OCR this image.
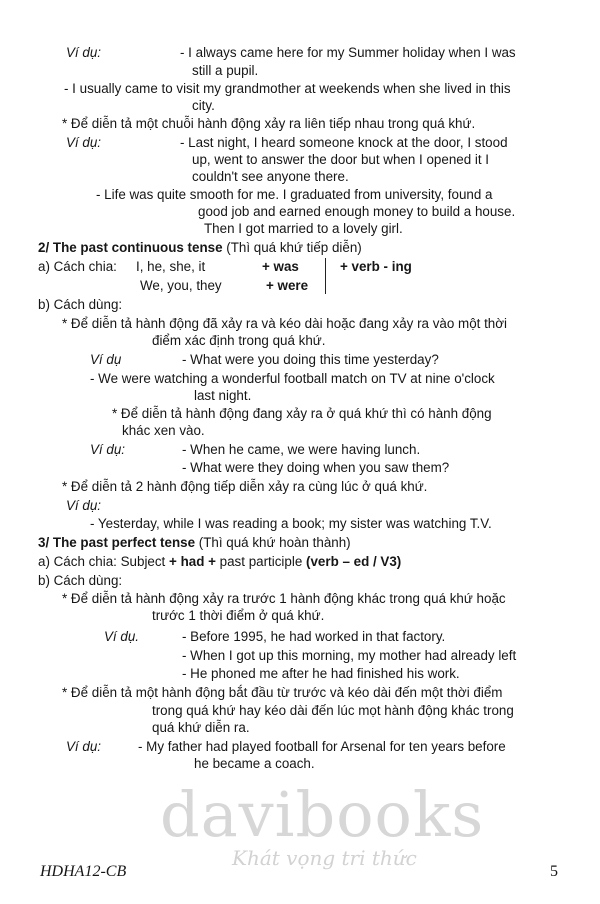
Ví dụ:	- I always came here for my Summer holiday when I was
still a pupil.
- I usually came to visit my grandmother at weekends when she lived in this
city.
* Để diễn tả một chuỗi hành động xảy ra liên tiếp nhau trong quá khứ.
Ví dụ:	- Last night, I heard someone knock at the door, I stood
up, went to answer the door but when I opened it I
couldn't see anyone there.
- Life was quite smooth for me. I graduated from university, found a
good job and earned enough money to build a house.
Then I got married to a lovely girl.
2/ The past continuous tense (Thì quá khứ tiếp diễn)
a) Cách chia: I, he, she, it	+ was	+ verb - ing
We, you, they	+ were
b) Cách dùng:
* Để diễn tả hành động đã xảy ra và kéo dài hoặc đang xảy ra vào một thời
điểm xác định trong quá khứ.
Ví dụ	- What were you doing this time yesterday?
- We were watching a wonderful football match on TV at nine o'clock
last night.
* Để diễn tả hành động đang xảy ra ở quá khứ thì có hành động
khác xen vào.
Ví dụ:	- When he came, we were having lunch.
- What were they doing when you saw them?
* Để diễn tả 2 hành động tiếp diễn xảy ra cùng lúc ở quá khứ.
Ví dụ:
- Yesterday, while I was reading a book; my sister was watching T.V.
3/ The past perfect tense (Thì quá khứ hoàn thành)
a) Cách chia: Subject + had + past participle (verb – ed / V3)
b) Cách dùng:
* Để diễn tả hành động xảy ra trước 1 hành động khác trong quá khứ hoặc
trước 1 thời điểm ở quá khứ.
Ví dụ.	- Before 1995, he had worked in that factory.
- When I got up this morning, my mother had already left
- He phoned me after he had finished his work.
* Để diễn tả một hành động bắt đầu từ trước và kéo dài đến một thời điểm
trong quá khứ hay kéo dài đến lúc mọt hành động khác trong
quá khứ diễn ra.
Ví dụ:	- My father had played football for Arsenal for ten years before
he became a coach.
davibooks
Khát vọng tri thức
HDHA12-CB	5
